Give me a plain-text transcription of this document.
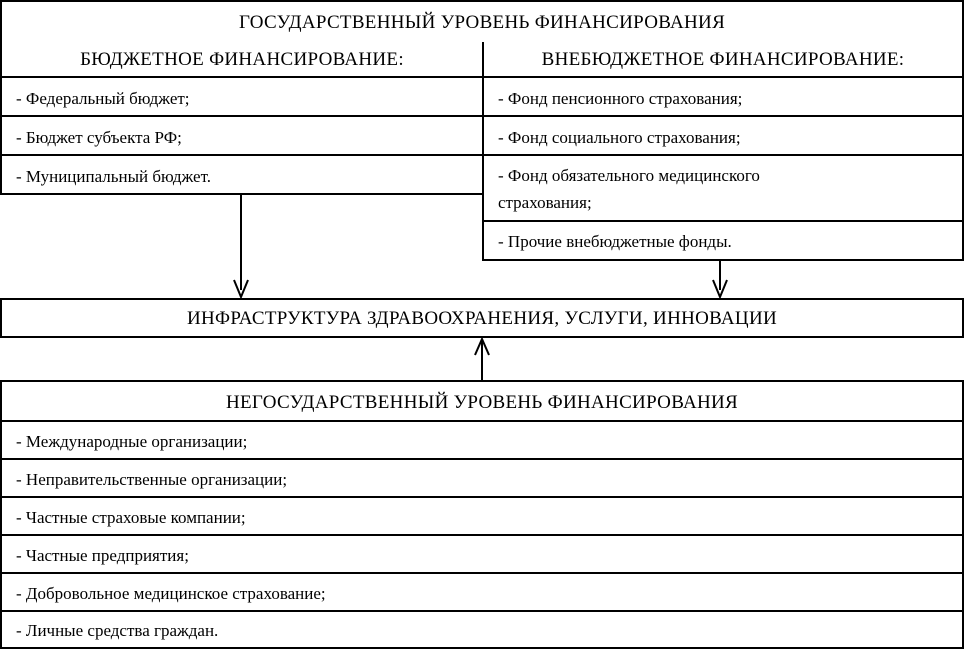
ГОСУДАРСТВЕННЫЙ УРОВЕНЬ ФИНАНСИРОВАНИЯ
БЮДЖЕТНОЕ ФИНАНСИРОВАНИЕ:
- Федеральный бюджет;
- Бюджет субъекта РФ;
- Муниципальный бюджет.
ВНЕБЮДЖЕТНОЕ ФИНАНСИРОВАНИЕ:
- Фонд пенсионного страхования;
- Фонд социального страхования;
- Фонд обязательного медицинского
страхования;
- Прочие внебюджетные фонды.
ИНФРАСТРУКТУРА ЗДРАВООХРАНЕНИЯ, УСЛУГИ, ИННОВАЦИИ
НЕГОСУДАРСТВЕННЫЙ УРОВЕНЬ ФИНАНСИРОВАНИЯ
- Международные организации;
- Неправительственные организации;
- Частные страховые компании;
- Частные предприятия;
- Добровольное медицинское страхование;
- Личные средства граждан.
